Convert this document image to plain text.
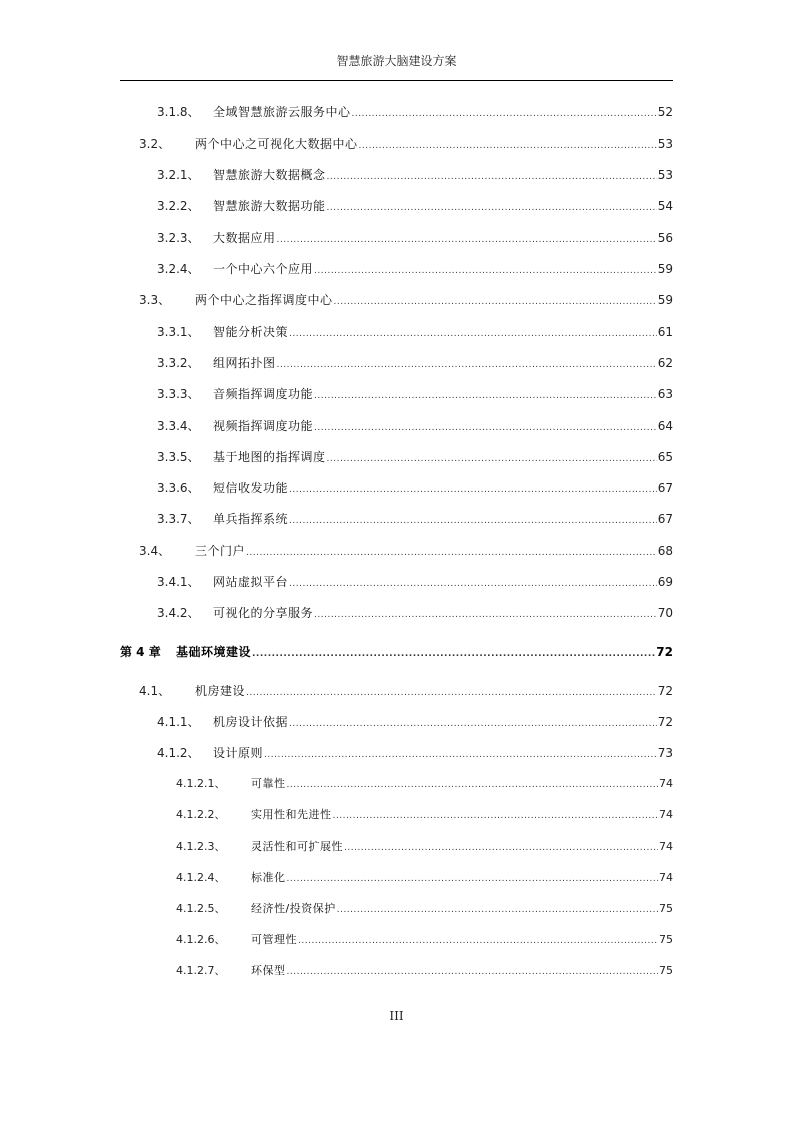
智慧旅游大脑建设方案
3.1.8、	全域智慧旅游云服务中心 .....	52
3.2、	两个中心之可视化大数据中心 .....	53
3.2.1、	智慧旅游大数据概念 .....	53
3.2.2、	智慧旅游大数据功能 .....	54
3.2.3、	大数据应用 .....	56
3.2.4、	一个中心六个应用 .....	59
3.3、	两个中心之指挥调度中心 .....	59
3.3.1、	智能分析决策 .....	61
3.3.2、	组网拓扑图 .....	62
3.3.3、	音频指挥调度功能 .....	63
3.3.4、	视频指挥调度功能 .....	64
3.3.5、	基于地图的指挥调度 .....	65
3.3.6、	短信收发功能 .....	67
3.3.7、	单兵指挥系统 .....	67
3.4、	三个门户 .....	68
3.4.1、	网站虚拟平台 .....	69
3.4.2、	可视化的分享服务 .....	70
第 4 章	基础环境建设 .....	72
4.1、	机房建设 .....	72
4.1.1、	机房设计依据 .....	72
4.1.2、	设计原则 .....	73
4.1.2.1、	可靠性 .....	74
4.1.2.2、	实用性和先进性 .....	74
4.1.2.3、	灵活性和可扩展性 .....	74
4.1.2.4、	标准化 .....	74
4.1.2.5、	经济性/投资保护 .....	75
4.1.2.6、	可管理性 .....	75
4.1.2.7、	环保型 .....	75
III
